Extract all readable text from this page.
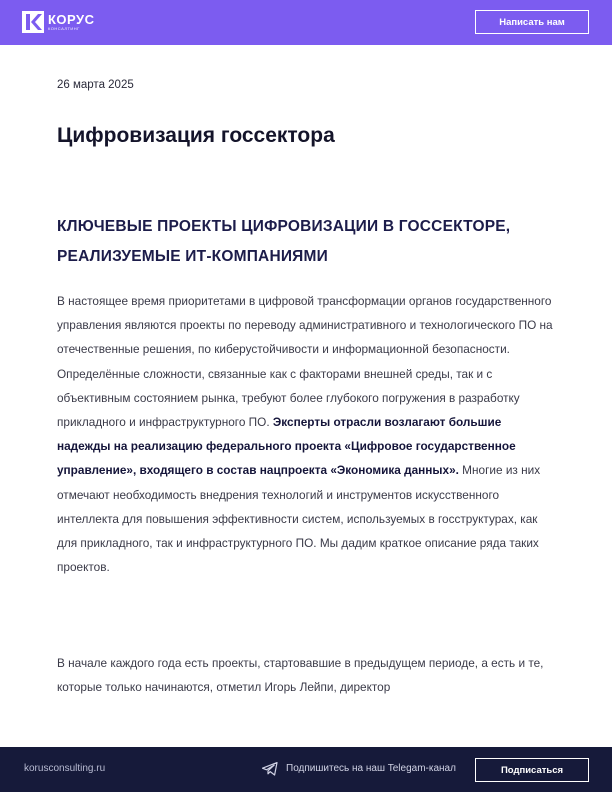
КОРУС
КОНСАЛТИНГ
Написать нам
26 марта 2025
Цифровизация госсектора
КЛЮЧЕВЫЕ ПРОЕКТЫ ЦИФРОВИЗАЦИИ В ГОССЕКТОРЕ, РЕАЛИЗУЕМЫЕ ИТ-КОМПАНИЯМИ

В настоящее время приоритетами в цифровой трансформации органов государственного управления являются проекты по переводу административного и технологического ПО на отечественные решения, по киберустойчивости и информационной безопасности. Определённые сложности, связанные как с факторами внешней среды, так и с объективным состоянием рынка, требуют более глубокого погружения в разработку прикладного и инфраструктурного ПО. Эксперты отрасли возлагают большие надежды на реализацию федерального проекта «Цифровое государственное управление», входящего в состав нацпроекта «Экономика данных». Многие из них отмечают необходимость внедрения технологий и инструментов искусственного интеллекта для повышения эффективности систем, используемых в госструктурах, как для прикладного, так и инфраструктурного ПО. Мы дадим краткое описание ряда таких проектов.

В начале каждого года есть проекты, стартовавшие в предыдущем периоде, а есть и те, которые только начинаются, отметил Игорь Лейпи, директор

korusconsulting.ru	Подпишитесь на наш Telegam-канал	Подписаться
